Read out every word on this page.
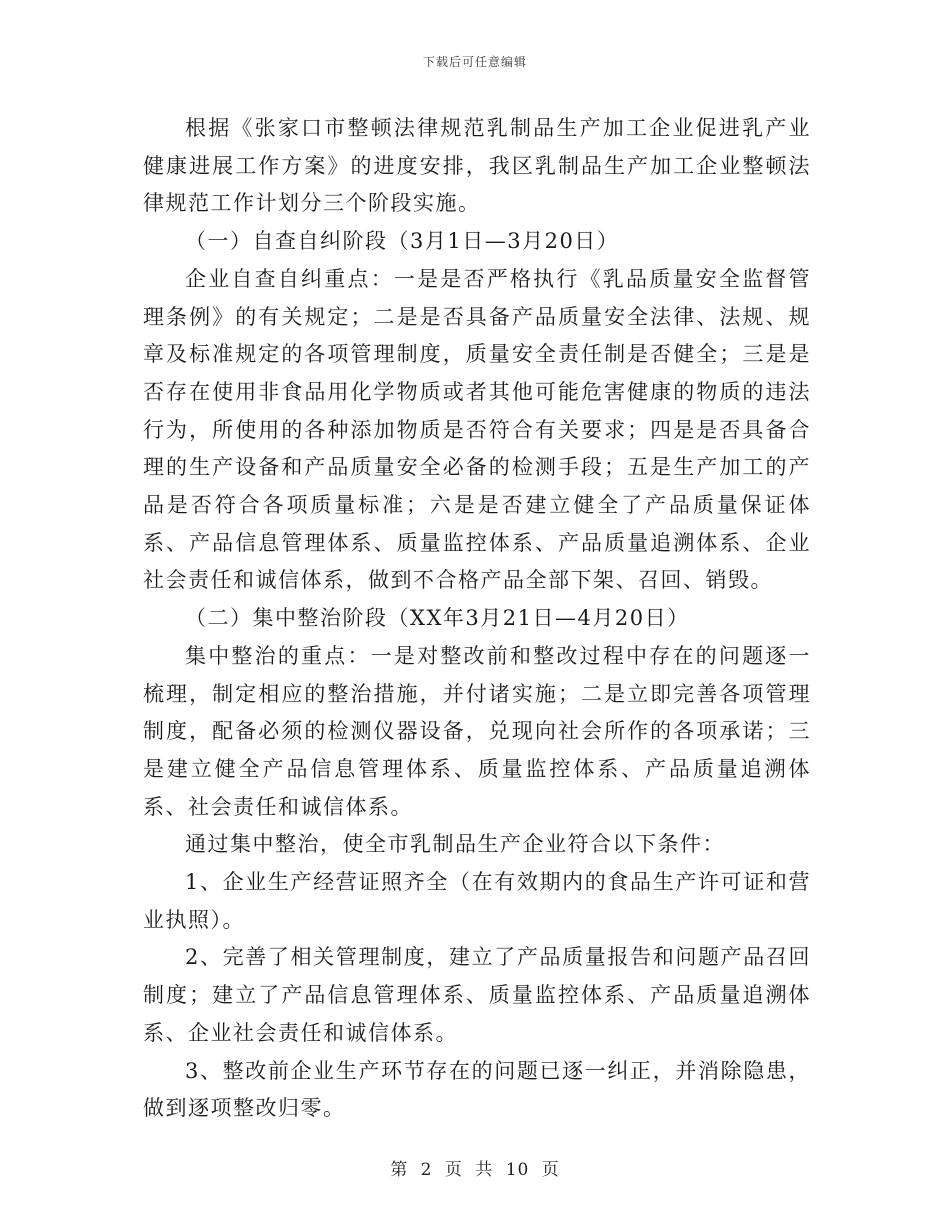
下载后可任意编辑

根据《张家口市整顿法律规范乳制品生产加工企业促进乳产业健康进展工作方案》的进度安排，我区乳制品生产加工企业整顿法律规范工作计划分三个阶段实施。

（一）自查自纠阶段（3月1日—3月20日）

企业自查自纠重点：一是是否严格执行《乳品质量安全监督管理条例》的有关规定；二是是否具备产品质量安全法律、法规、规章及标准规定的各项管理制度，质量安全责任制是否健全；三是是否存在使用非食品用化学物质或者其他可能危害健康的物质的违法行为，所使用的各种添加物质是否符合有关要求；四是是否具备合理的生产设备和产品质量安全必备的检测手段；五是生产加工的产品是否符合各项质量标准；六是是否建立健全了产品质量保证体系、产品信息管理体系、质量监控体系、产品质量追溯体系、企业社会责任和诚信体系，做到不合格产品全部下架、召回、销毁。

（二）集中整治阶段（XX年3月21日—4月20日）

集中整治的重点：一是对整改前和整改过程中存在的问题逐一梳理，制定相应的整治措施，并付诸实施；二是立即完善各项管理制度，配备必须的检测仪器设备，兑现向社会所作的各项承诺；三是建立健全产品信息管理体系、质量监控体系、产品质量追溯体系、社会责任和诚信体系。

通过集中整治，使全市乳制品生产企业符合以下条件：

1、企业生产经营证照齐全（在有效期内的食品生产许可证和营业执照）。

2、完善了相关管理制度，建立了产品质量报告和问题产品召回制度；建立了产品信息管理体系、质量监控体系、产品质量追溯体系、企业社会责任和诚信体系。

3、整改前企业生产环节存在的问题已逐一纠正，并消除隐患，做到逐项整改归零。

第 2 页 共 10 页
